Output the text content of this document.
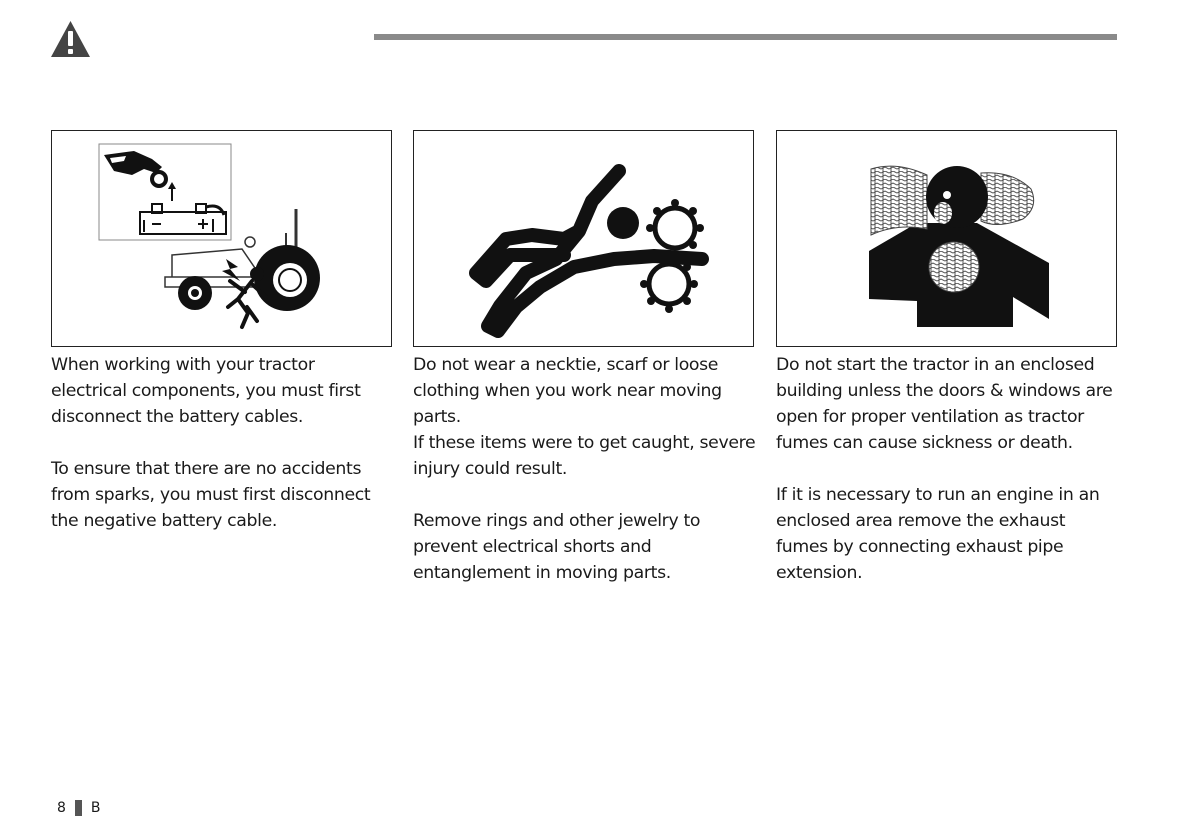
When working with your tractor
electrical components, you must first
disconnect the battery cables.

To ensure that there are no accidents
from sparks, you must first disconnect
the negative battery cable.

Do not wear a necktie, scarf or loose
clothing when you work near moving
parts.
If these items were to get caught, severe
injury could result.

Remove rings and other jewelry to
prevent electrical shorts and
entanglement in moving parts.

Do not start the tractor in an enclosed
building unless the doors & windows are
open for proper ventilation as tractor
fumes can cause sickness or death.

If it is necessary to run an engine in an
enclosed area remove the exhaust
fumes by connecting exhaust pipe
extension.

8 B
